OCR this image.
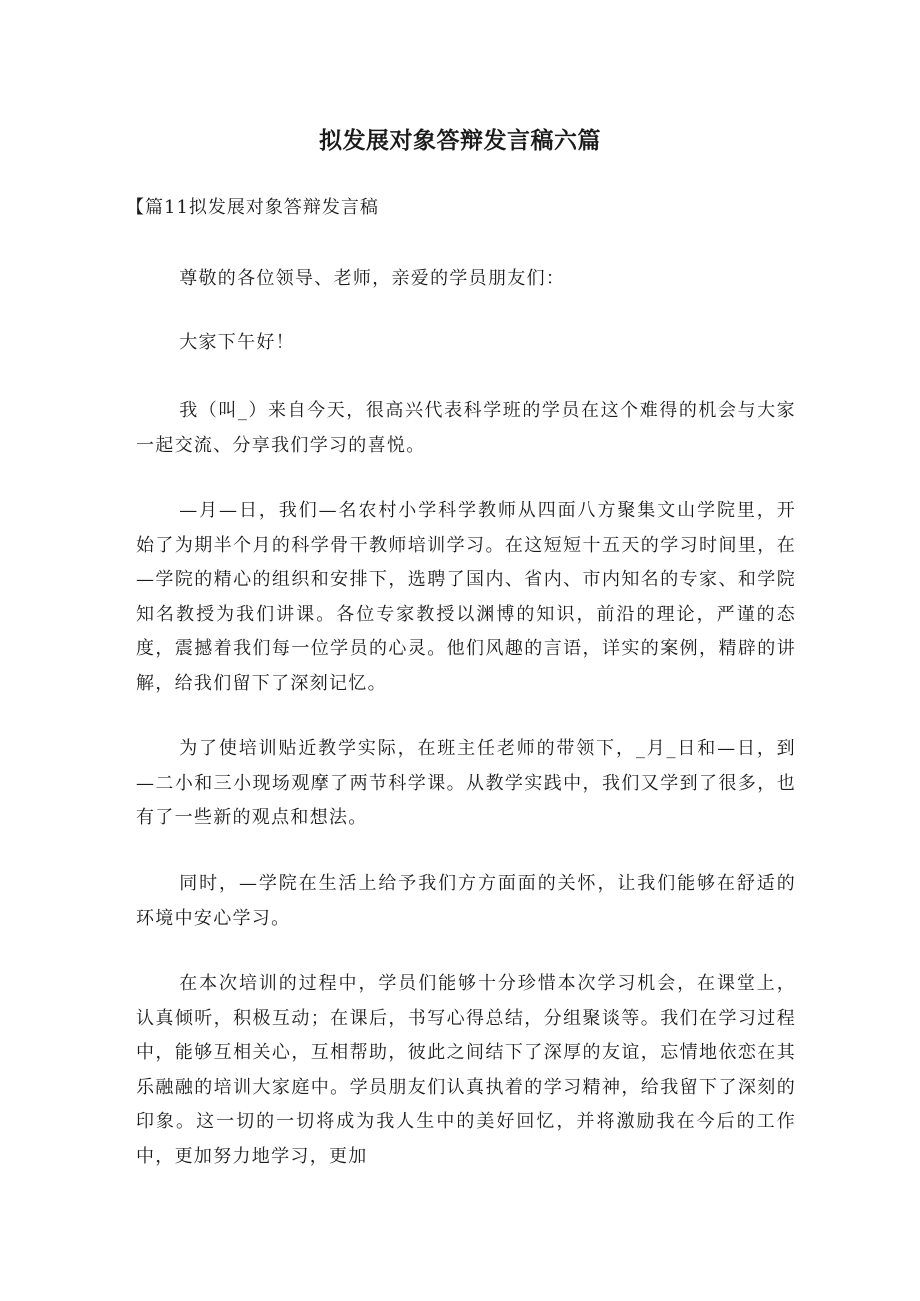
拟发展对象答辩发言稿六篇

【篇11拟发展对象答辩发言稿

尊敬的各位领导、老师，亲爱的学员朋友们：

大家下午好！

我（叫_）来自今天，很高兴代表科学班的学员在这个难得的机会与大家一起交流、分享我们学习的喜悦。

—月—日，我们—名农村小学科学教师从四面八方聚集文山学院里，开始了为期半个月的科学骨干教师培训学习。在这短短十五天的学习时间里，在—学院的精心的组织和安排下，选聘了国内、省内、市内知名的专家、和学院知名教授为我们讲课。各位专家教授以渊博的知识，前沿的理论，严谨的态度，震撼着我们每一位学员的心灵。他们风趣的言语，详实的案例，精辟的讲解，给我们留下了深刻记忆。

为了使培训贴近教学实际，在班主任老师的带领下，_月_日和—日，到—二小和三小现场观摩了两节科学课。从教学实践中，我们又学到了很多，也有了一些新的观点和想法。

同时，—学院在生活上给予我们方方面面的关怀，让我们能够在舒适的环境中安心学习。

在本次培训的过程中，学员们能够十分珍惜本次学习机会，在课堂上，认真倾听，积极互动；在课后，书写心得总结，分组聚谈等。我们在学习过程中，能够互相关心，互相帮助，彼此之间结下了深厚的友谊，忘情地依恋在其乐融融的培训大家庭中。学员朋友们认真执着的学习精神，给我留下了深刻的印象。这一切的一切将成为我人生中的美好回忆，并将激励我在今后的工作中，更加努力地学习，更加
